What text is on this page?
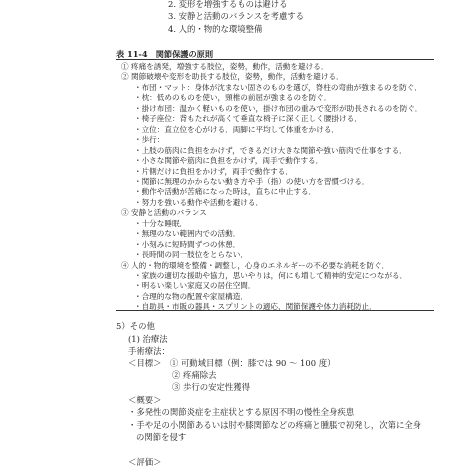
2. 変形を増強するものは避ける
3. 安静と活動のバランスを考慮する
4. 人的・物的な環境整備
表 11-4　関節保護の原則
① 疼痛を誘発，増強する肢位，姿勢，動作，活動を避ける．
② 関節破壊や変形を助長する肢位，姿勢，動作，活動を避ける．
・布団・マット：身体が沈まない固さのものを選び，脊柱の弯曲が強まるのを防ぐ．
・枕：低めのものを使い，頸椎の前屈が強まるのを防ぐ．
・掛け布団：温かく軽いものを使い，掛け布団の重みで変形が助長されるのを防ぐ．
・椅子座位：背もたれが高くて垂直な椅子に深く正しく腰掛ける．
・立位：直立位を心がける．両脚に平均して体重をかける．
・歩行：
・上肢の筋肉に負担をかけず，できるだけ大きな関節や強い筋肉で仕事をする．
・小さな関節や筋肉に負担をかけず，両手で動作する．
・片側だけに負担をかけず，両手で動作する．
・関節に無理のかからない動き方や手（指）の使い方を習慣づける．
・動作や活動が苦痛になった時は，直ちに中止する．
・努力を強いる動作や活動を避ける．
③ 安静と活動のバランス
・十分な睡眠．
・無理のない範囲内での活動．
・小刻みに短時間ずつの休憩．
・長時間の同一肢位をとらない．
④ 人的・物的環境を整備・調整し，心身のエネルギーの不必要な消耗を防ぐ．
・家族の適切な援助や協力，思いやりは，何にも増して精神的安定につながる．
・明るい楽しい家庭又の居住空間．
・合理的な物の配置や家屋構造．
・自助具・市販の器具・スプリントの適応，関節保護や体力消耗防止．
5）その他
(1) 治療法
手術療法：
＜目標＞　① 可動域目標（例：膝では 90 ～ 100 度）
② 疼痛除去
③ 歩行の安定性獲得
＜概要＞
・多発性の関節炎症を主症状とする原因不明の慢性全身疾患
・手や足の小関節あるいは肘や膝関節などの疼痛と腫脹で初発し，次第に全身
の関節を侵す
＜評価＞
